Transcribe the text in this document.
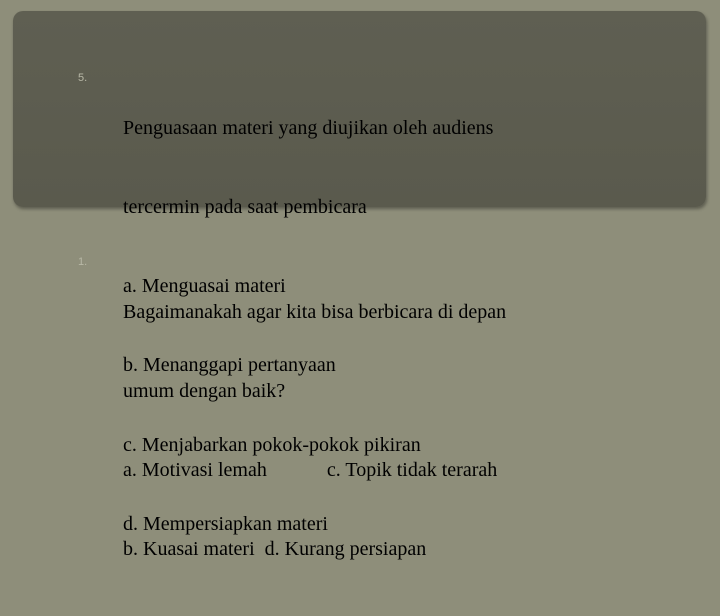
5.

Penguasaan materi yang diujikan oleh audiens

tercermin pada saat pembicara

a. Menguasai materi

b. Menanggapi pertanyaan

c. Menjabarkan pokok-pokok pikiran

d. Mempersiapkan materi

1.

Bagaimanakah agar kita bisa berbicara di depan

umum dengan baik?

a. Motivasi lemah            c. Topik tidak terarah

b. Kuasai materi  d. Kurang persiapan
